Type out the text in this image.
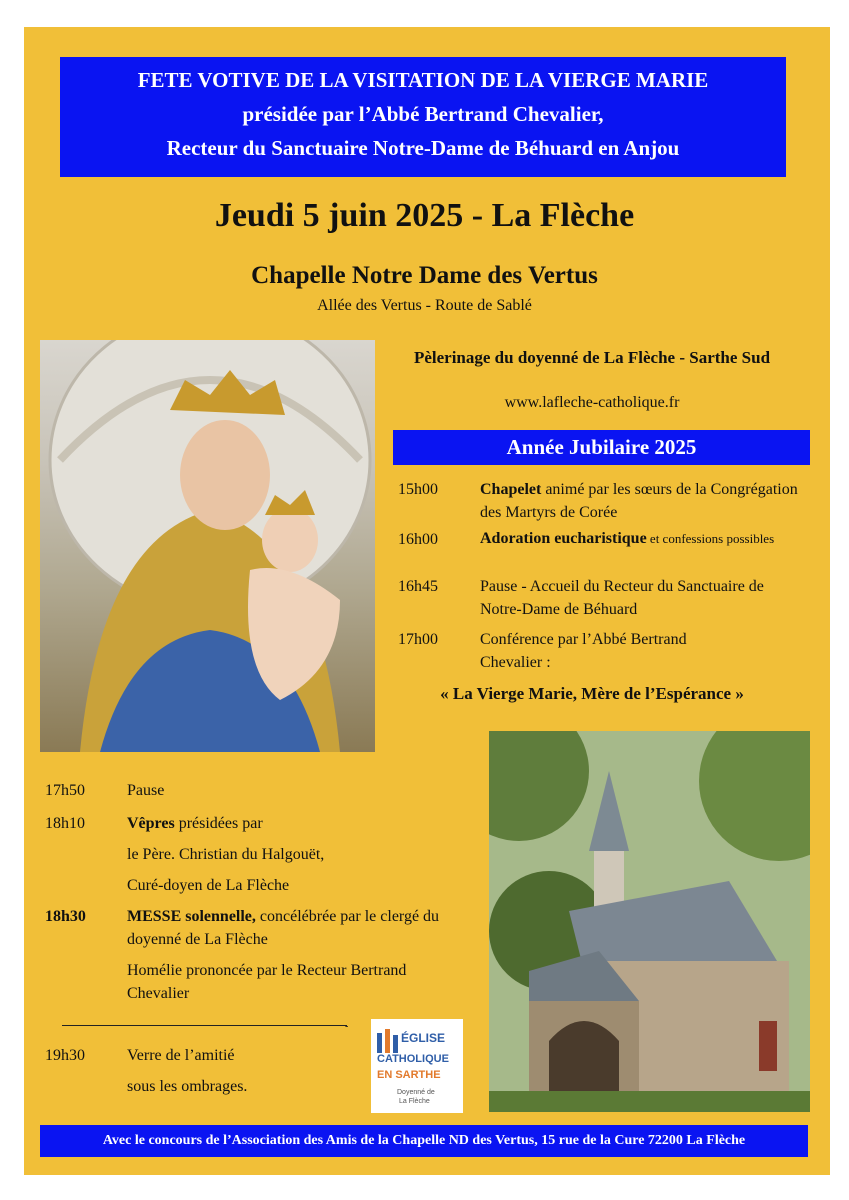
FETE VOTIVE DE LA VISITATION DE LA VIERGE MARIE
présidée par l’Abbé Bertrand Chevalier,
Recteur du Sanctuaire Notre-Dame de Béhuard en Anjou
Jeudi 5 juin 2025 - La Flèche
Chapelle Notre Dame des Vertus
Allée des Vertus - Route de Sablé
Pèlerinage du doyenné de La Flèche - Sarthe Sud
www.lafleche-catholique.fr
Année Jubilaire 2025
15h00	Chapelet animé par les sœurs de la Congrégation des Martyrs de Corée
16h00	Adoration eucharistique et confessions possibles
16h45	Pause - Accueil du Recteur du Sanctuaire de Notre-Dame de Béhuard
17h00	Conférence par l’Abbé Bertrand Chevalier :
« La Vierge Marie, Mère de l’Espérance »
17h50	Pause
18h10	Vêpres présidées par
le Père. Christian du Halgouët,
Curé-doyen de La Flèche
18h30	MESSE solennelle, concélébrée par le clergé du doyenné de La Flèche
Homélie prononcée par le Recteur Bertrand Chevalier
-
19h30	Verre de l’amitié
sous les ombrages.
ÉGLISE
CATHOLIQUE
EN SARTHE
Doyenné de
La Flèche
Avec le concours de l’Association des Amis de la Chapelle ND des Vertus, 15 rue de la Cure 72200 La Flèche
